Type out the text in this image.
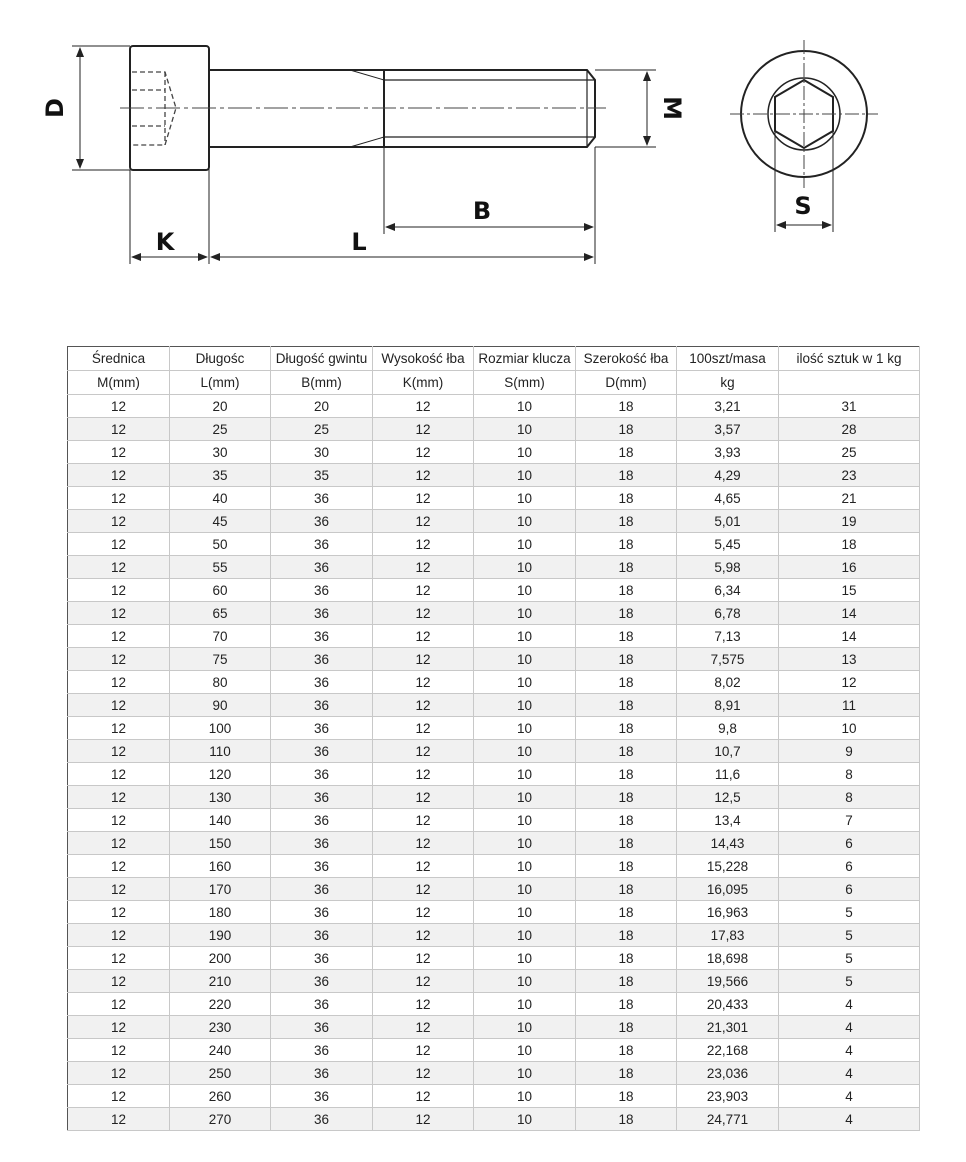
D	M
K	L
B	S
Średnica	Długośc	Długość gwintu	Wysokość łba	Rozmiar klucza	Szerokość łba	100szt/masa	ilość sztuk w 1 kg
M(mm)	L(mm)	B(mm)	K(mm)	S(mm)	D(mm)	kg	
12	20	20	12	10	18	3,21	31
12	25	25	12	10	18	3,57	28
12	30	30	12	10	18	3,93	25
12	35	35	12	10	18	4,29	23
12	40	36	12	10	18	4,65	21
12	45	36	12	10	18	5,01	19
12	50	36	12	10	18	5,45	18
12	55	36	12	10	18	5,98	16
12	60	36	12	10	18	6,34	15
12	65	36	12	10	18	6,78	14
12	70	36	12	10	18	7,13	14
12	75	36	12	10	18	7,575	13
12	80	36	12	10	18	8,02	12
12	90	36	12	10	18	8,91	11
12	100	36	12	10	18	9,8	10
12	110	36	12	10	18	10,7	9
12	120	36	12	10	18	11,6	8
12	130	36	12	10	18	12,5	8
12	140	36	12	10	18	13,4	7
12	150	36	12	10	18	14,43	6
12	160	36	12	10	18	15,228	6
12	170	36	12	10	18	16,095	6
12	180	36	12	10	18	16,963	5
12	190	36	12	10	18	17,83	5
12	200	36	12	10	18	18,698	5
12	210	36	12	10	18	19,566	5
12	220	36	12	10	18	20,433	4
12	230	36	12	10	18	21,301	4
12	240	36	12	10	18	22,168	4
12	250	36	12	10	18	23,036	4
12	260	36	12	10	18	23,903	4
12	270	36	12	10	18	24,771	4
